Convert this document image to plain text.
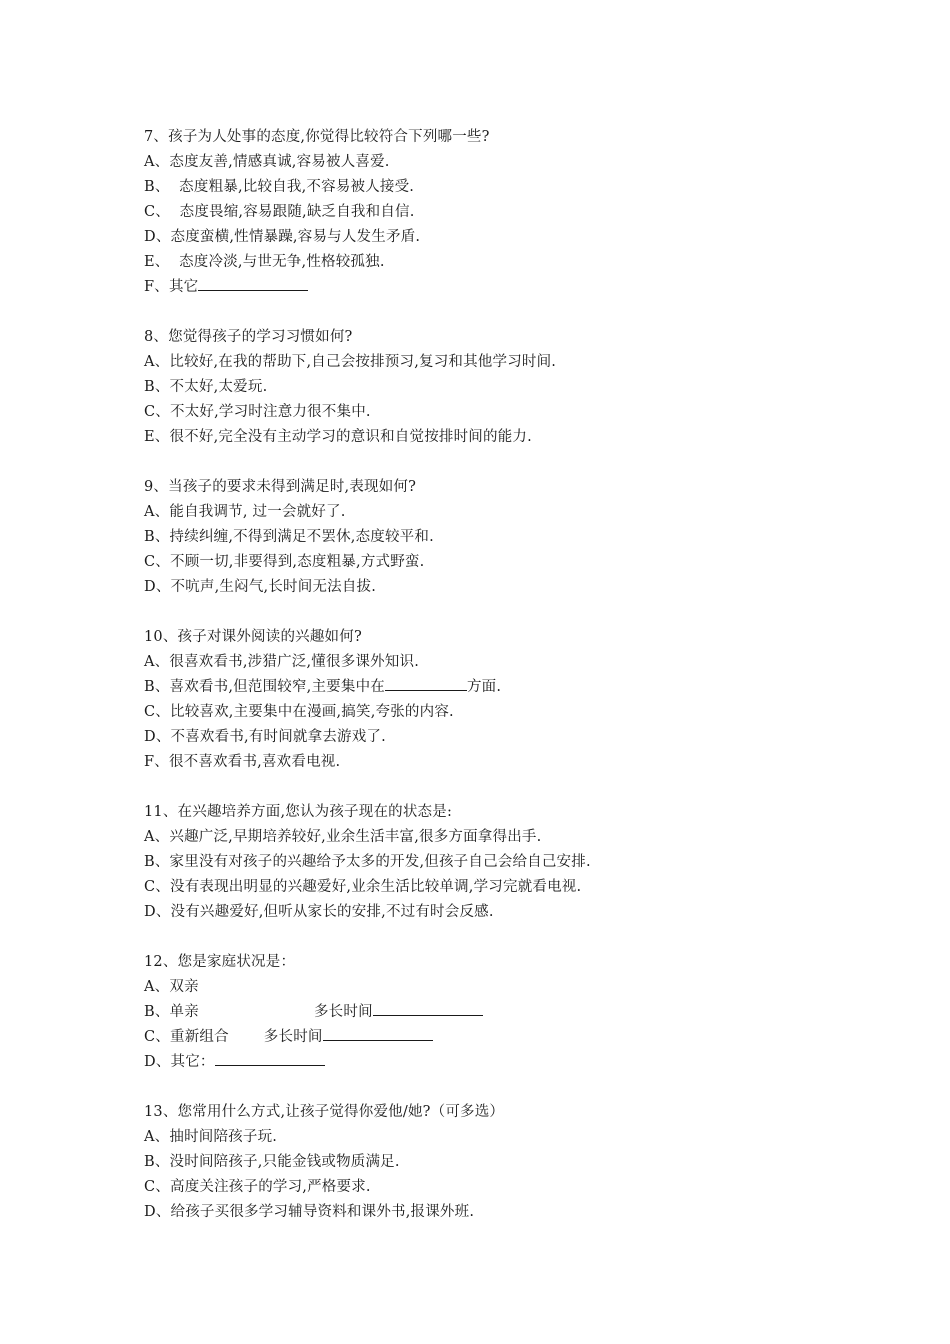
7、孩子为人处事的态度,你觉得比较符合下列哪一些?
A、态度友善,情感真诚,容易被人喜爱.
B、  态度粗暴,比较自我,不容易被人接受.
C、  态度畏缩,容易跟随,缺乏自我和自信.
D、态度蛮横,性情暴躁,容易与人发生矛盾.
E、  态度冷淡,与世无争,性格较孤独.
F、其它
8、您觉得孩子的学习习惯如何?
A、比较好,在我的帮助下,自己会按排预习,复习和其他学习时间.
B、不太好,太爱玩.
C、不太好,学习时注意力很不集中.
E、很不好,完全没有主动学习的意识和自觉按排时间的能力.
9、当孩子的要求未得到满足时,表现如何?
A、能自我调节, 过一会就好了.
B、持续纠缠,不得到满足不罢休,态度较平和.
C、不顾一切,非要得到,态度粗暴,方式野蛮.
D、不吭声,生闷气,长时间无法自拔.
10、孩子对课外阅读的兴趣如何?
A、很喜欢看书,涉猎广泛,懂很多课外知识.
B、喜欢看书,但范围较窄,主要集中在	方面.
C、比较喜欢,主要集中在漫画,搞笑,夸张的内容.
D、不喜欢看书,有时间就拿去游戏了.
F、很不喜欢看书,喜欢看电视.
11、在兴趣培养方面,您认为孩子现在的状态是:
A、兴趣广泛,早期培养较好,业余生活丰富,很多方面拿得出手.
B、家里没有对孩子的兴趣给予太多的开发,但孩子自己会给自己安排.
C、没有表现出明显的兴趣爱好,业余生活比较单调,学习完就看电视.
D、没有兴趣爱好,但听从家长的安排,不过有时会反感.
12、您是家庭状况是：
A、双亲
B、单亲	多长时间
C、重新组合 多长时间
D、其它：
13、您常用什么方式,让孩子觉得你爱他/她?（可多选）
A、抽时间陪孩子玩.
B、没时间陪孩子,只能金钱或物质满足.
C、高度关注孩子的学习,严格要求.
D、给孩子买很多学习辅导资料和课外书,报课外班.
